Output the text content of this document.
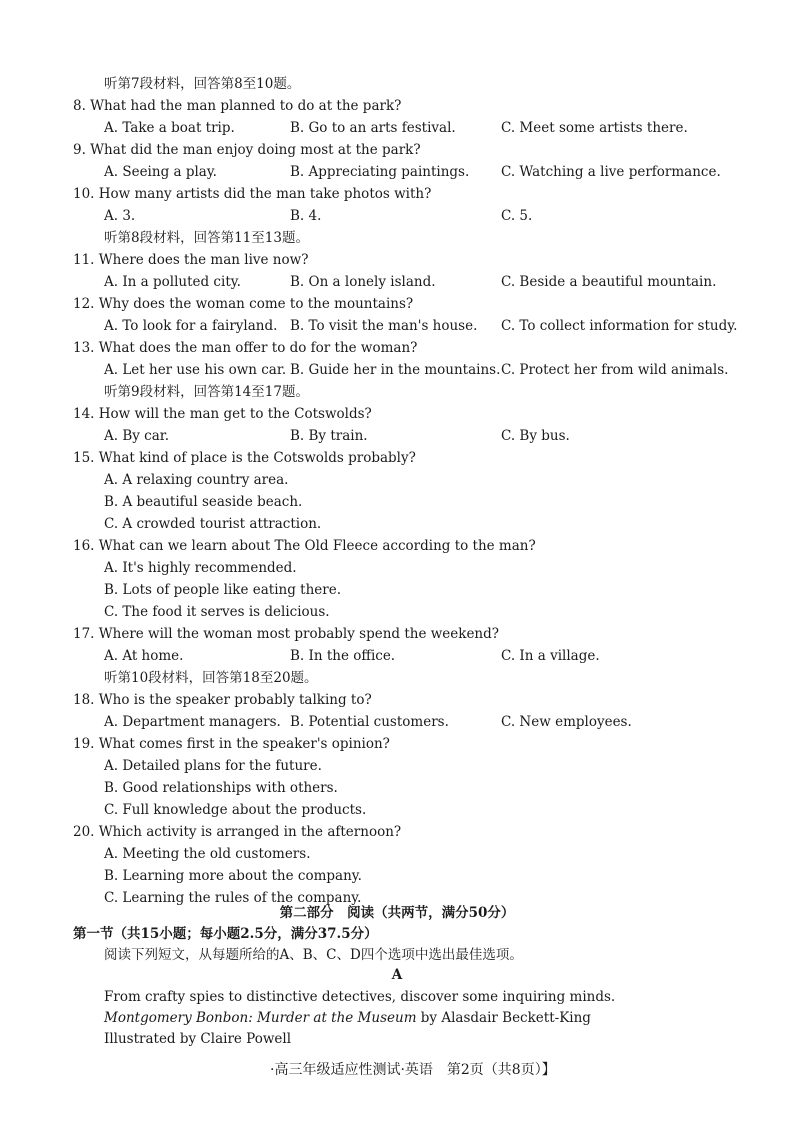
听第7段材料，回答第8至10题。
8. What had the man planned to do at the park?
A. Take a boat trip.	B. Go to an arts festival.	C. Meet some artists there.
9. What did the man enjoy doing most at the park?
A. Seeing a play.	B. Appreciating paintings. C. Watching a live performance.
10. How many artists did the man take photos with?
A. 3.	B. 4.	C. 5.
听第8段材料，回答第11至13题。
11. Where does the man live now?
A. In a polluted city.	B. On a lonely island.	C. Beside a beautiful mountain.
12. Why does the woman come to the mountains?
A. To look for a fairyland. B. To visit the man's house. C. To collect information for study.
13. What does the man offer to do for the woman?
A. Let her use his own car. B. Guide her in the mountains. C. Protect her from wild animals.
听第9段材料，回答第14至17题。
14. How will the man get to the Cotswolds?
A. By car.	B. By train.	C. By bus.
15. What kind of place is the Cotswolds probably?
A. A relaxing country area.
B. A beautiful seaside beach.
C. A crowded tourist attraction.
16. What can we learn about The Old Fleece according to the man?
A. It's highly recommended.
B. Lots of people like eating there.
C. The food it serves is delicious.
17. Where will the woman most probably spend the weekend?
A. At home.	B. In the office.	C. In a village.
听第10段材料，回答第18至20题。
18. Who is the speaker probably talking to?
A. Department managers. B. Potential customers.	C. New employees.
19. What comes first in the speaker's opinion?
A. Detailed plans for the future.
B. Good relationships with others.
C. Full knowledge about the products.
20. Which activity is arranged in the afternoon?
A. Meeting the old customers.
B. Learning more about the company.
C. Learning the rules of the company.
第二部分　阅读（共两节，满分50分）
第一节（共15小题；每小题2.5分，满分37.5分）
阅读下列短文，从每题所给的A、B、C、D四个选项中选出最佳选项。
A
From crafty spies to distinctive detectives, discover some inquiring minds.
Montgomery Bonbon: Murder at the Museum by Alasdair Beckett-King
Illustrated by Claire Powell
·高三年级适应性测试·英语　第2页（共8页）】
